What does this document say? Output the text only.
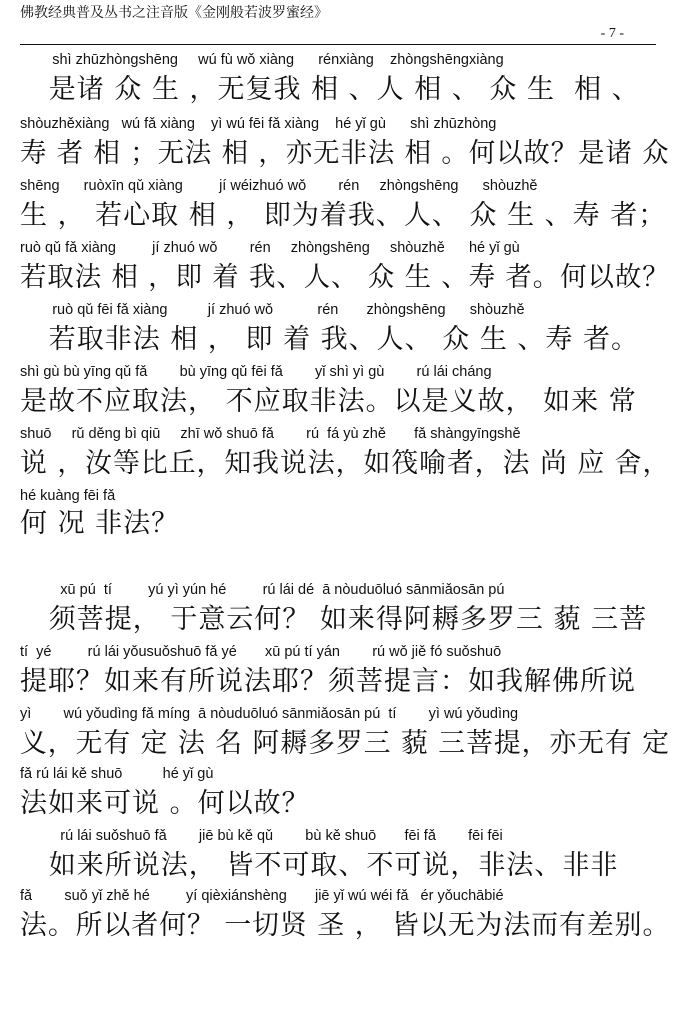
佛教经典普及丛书之注音版《金刚般若波罗蜜经》
- 7 -
shì zhūzhòngshēng     wú fù wǒ xiàng      rénxiàng    zhòngshēngxiàng
是诸 众 生 ，无复我 相 、人 相 、 众 生  相 、
shòuzhěxiàng   wú fǎ xiàng    yì wú fēi fǎ xiàng    hé yǐ gù      shì zhūzhòng
寿 者 相 ；无法 相 ，亦无非法 相 。何以故？是诸 众
shēng      ruòxīn qǔ xiàng         jí wéizhuó wǒ        rén     zhòngshēng      shòuzhě
生 ， 若心取 相 ， 即为着我、人、 众 生 、寿 者；
ruò qǔ fǎ xiàng         jí zhuó wǒ        rén     zhòngshēng     shòuzhě      hé yǐ gù
若取法 相 ，即 着 我、人、 众 生 、寿 者。何以故？
ruò qǔ fēi fǎ xiàng          jí zhuó wǒ           rén       zhòngshēng      shòuzhě
若取非法 相 ， 即 着 我、人、 众 生 、寿 者。
shì gù bù yīng qǔ fǎ        bù yīng qǔ fēi fǎ        yǐ shì yì gù        rú lái cháng
是故不应取法， 不应取非法。以是义故， 如来 常
shuō     rǔ děng bì qiū     zhī wǒ shuō fǎ        rú  fá yù zhě       fǎ shàngyīngshě
说 ，汝等比丘，知我说法，如筏喻者，法 尚 应 舍，
hé kuàng fēi fǎ
何 况 非法？
xū pú  tí         yú yì yún hé         rú lái dé  ā nòuduōluó sānmiǎosān pú
须菩提， 于意云何？ 如来得阿耨多罗三 藐 三菩
tí  yé         rú lái yǒusuǒshuō fǎ yé       xū pú tí yán        rú wǒ jiě fó suǒshuō
提耶？如来有所说法耶？须菩提言：如我解佛所说
yì        wú yǒudìng fǎ míng  ā nòuduōluó sānmiǎosān pú  tí        yì wú yǒudìng
义，无有 定 法 名 阿耨多罗三 藐 三菩提，亦无有 定
fǎ rú lái kě shuō          hé yǐ gù
法如来可说 。何以故？
rú lái suǒshuō fǎ        jiē bù kě qǔ        bù kě shuō       fēi fǎ        fēi fēi
如来所说法， 皆不可取、不可说，非法、非非
fǎ        suǒ yǐ zhě hé         yí qièxiánshèng       jiē yǐ wú wéi fǎ   ér yǒuchābié
法。所以者何？ 一切贤 圣 ， 皆以无为法而有差别。
